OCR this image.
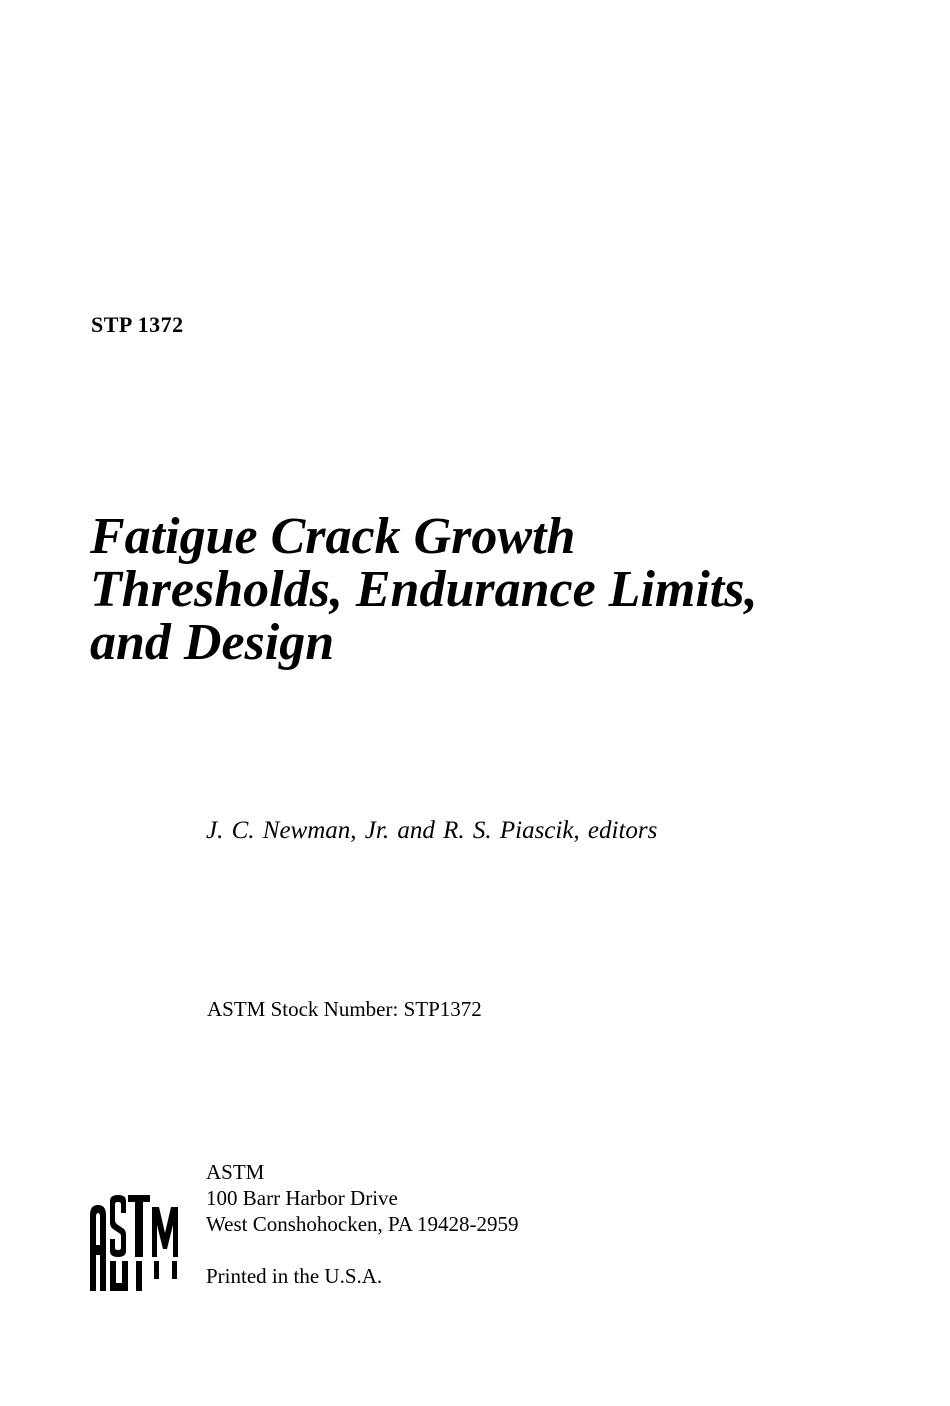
STP 1372
Fatigue Crack Growth
Thresholds, Endurance Limits,
and Design
J. C. Newman, Jr. and R. S. Piascik, editors
ASTM Stock Number: STP1372
ASTM
100 Barr Harbor Drive
West Conshohocken, PA 19428-2959
Printed in the U.S.A.
